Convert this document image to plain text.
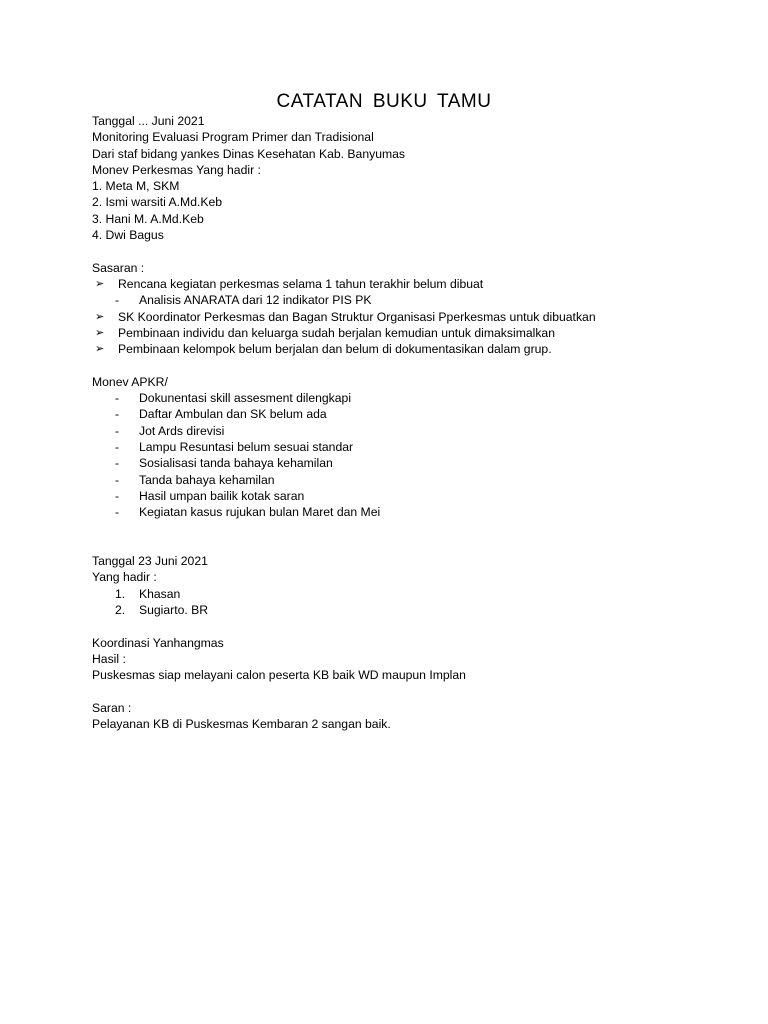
CATATAN BUKU TAMU
Tanggal ... Juni 2021
Monitoring Evaluasi Program Primer dan Tradisional
Dari staf bidang yankes Dinas Kesehatan Kab. Banyumas
Monev Perkesmas Yang hadir :
1. Meta M, SKM
2. Ismi warsiti A.Md.Keb
3. Hani M. A.Md.Keb
4. Dwi Bagus
Sasaran :
➢ Rencana kegiatan perkesmas selama 1 tahun terakhir belum dibuat
- Analisis ANARATA dari 12 indikator PIS PK
➢ SK Koordinator Perkesmas dan Bagan Struktur Organisasi Pperkesmas untuk dibuatkan
➢ Pembinaan individu dan keluarga sudah berjalan kemudian untuk dimaksimalkan
➢ Pembinaan kelompok belum berjalan dan belum di dokumentasikan dalam grup.
Monev APKR/
- Dokunentasi skill assesment dilengkapi
- Daftar Ambulan dan SK belum ada
- Jot Ards direvisi
- Lampu Resuntasi belum sesuai standar
- Sosialisasi tanda bahaya kehamilan
- Tanda bahaya kehamilan
- Hasil umpan bailik kotak saran
- Kegiatan kasus rujukan bulan Maret dan Mei
Tanggal 23 Juni 2021
Yang hadir :
1. Khasan
2. Sugiarto. BR
Koordinasi Yanhangmas
Hasil :
Puskesmas siap melayani calon peserta KB baik WD maupun Implan
Saran :
Pelayanan KB di Puskesmas Kembaran 2 sangan baik.
